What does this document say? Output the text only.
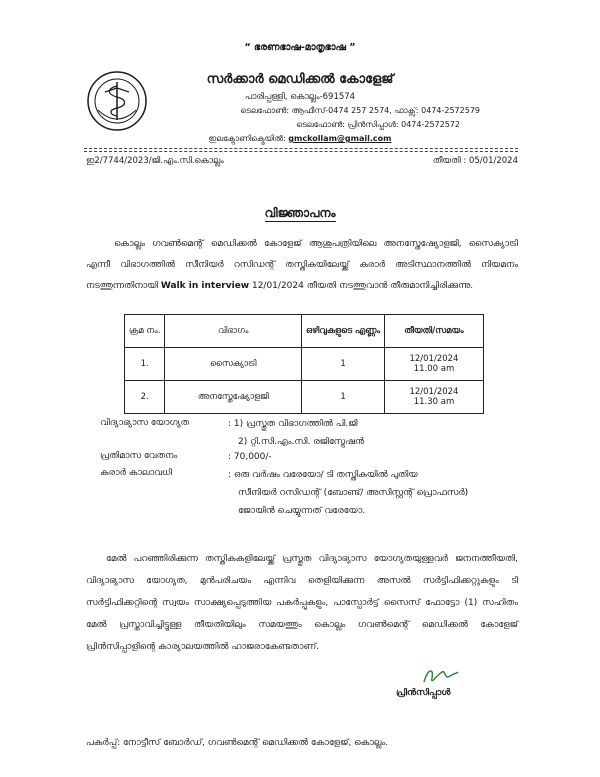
“ ഭരണഭാഷ-മാതൃഭാഷ ”
സർക്കാർ മെഡിക്കൽ കോളേജ്
പാരിപ്പള്ളി, കൊല്ലം-691574
ടെലഫോൺ: ആഫീസ്-0474 257 2574, ഫാക്സ്: 0474-2572579
ടെലഫോൺ: പ്രിൻസിപ്പാൾ: 0474-2572572
ഇലക്ട്രോണിക്മെയിൽ: gmckollam@gmail.com
ഇ2/7744/2023/ജി.എം.സി.കൊല്ലം	തീയതി : 05/01/2024
വിജ്ഞാപനം
കൊല്ലം ഗവൺമെന്റ് മെഡിക്കൽ കോളേജ് ആശുപത്രിയിലെ അനസ്തേഷ്യോളജി, സൈക്യാട്രി എന്നീ വിഭാഗത്തിൽ സീനിയർ റസിഡന്റ് തസ്തികയിലേയ്ക്ക് കരാർ അടിസ്ഥാനത്തിൽ നിയമനം നടത്തുന്നതിനായി Walk in interview 12/01/2024 തീയതി നടത്തുവാൻ തീരുമാനിച്ചിരിക്കുന്നു.
ക്രമ നം.	വിഭാഗം	ഒഴിവുകളുടെ എണ്ണം	തീയതി/സമയം
1.	സൈക്യാട്രി	1	12/01/2024
11.00 am

2.	അനസ്തേഷ്യോളജി	1	12/01/2024
11.30 am
വിദ്യാഭ്യാസ യോഗ്യത	: 1) പ്രസ്തുത വിഭാഗത്തിൽ പി.ജി
2) റ്റി.സി.എം.സി. രജിസ്ട്രേഷൻ
പ്രതിമാസ വേതനം	: 70,000/-
കരാർ കാലാവധി	: ഒരു വർഷം വരേയോ/ ടി തസ്തികയിൽ പുതിയ
സീനിയർ റസിഡന്റ് (ബോണ്ട്/ അസിസ്റ്റന്റ് പ്രൊഫസർ)
ജോയിൻ ചെയ്യുന്നത് വരേയോ.
മേൽ പറഞ്ഞിരിക്കുന്ന തസ്തികകളിലേയ്ക്ക് പ്രസ്തുത വിദ്യാഭ്യാസ യോഗ്യതയുള്ളവർ ജനനത്തീയതി, വിദ്യാഭ്യാസ യോഗ്യത, മുൻപരിചയം എന്നിവ തെളിയിക്കുന്ന അസൽ സർട്ടിഫിക്കറ്റുകളും ടി സർട്ടിഫിക്കറ്റിന്റെ സ്വയം സാക്ഷ്യപ്പെടുത്തിയ പകർപ്പുകളും, പാസ്പോർട്ട് സൈസ് ഫോട്ടോ (1) സഹിതം മേൽ പ്രസ്താവിച്ചിട്ടുള്ള തീയതിയിലും സമയത്തും കൊല്ലം ഗവൺമെന്റ് മെഡിക്കൽ കോളേജ് പ്രിൻസിപ്പാളിന്റെ കാര്യാലയത്തിൽ ഹാജരാകേണ്ടതാണ്.
പ്രിൻസിപ്പാൾ
പകർപ്പ്: നോട്ടീസ് ബോർഡ്, ഗവൺമെന്റ് മെഡിക്കൽ കോളേജ്, കൊല്ലം.
